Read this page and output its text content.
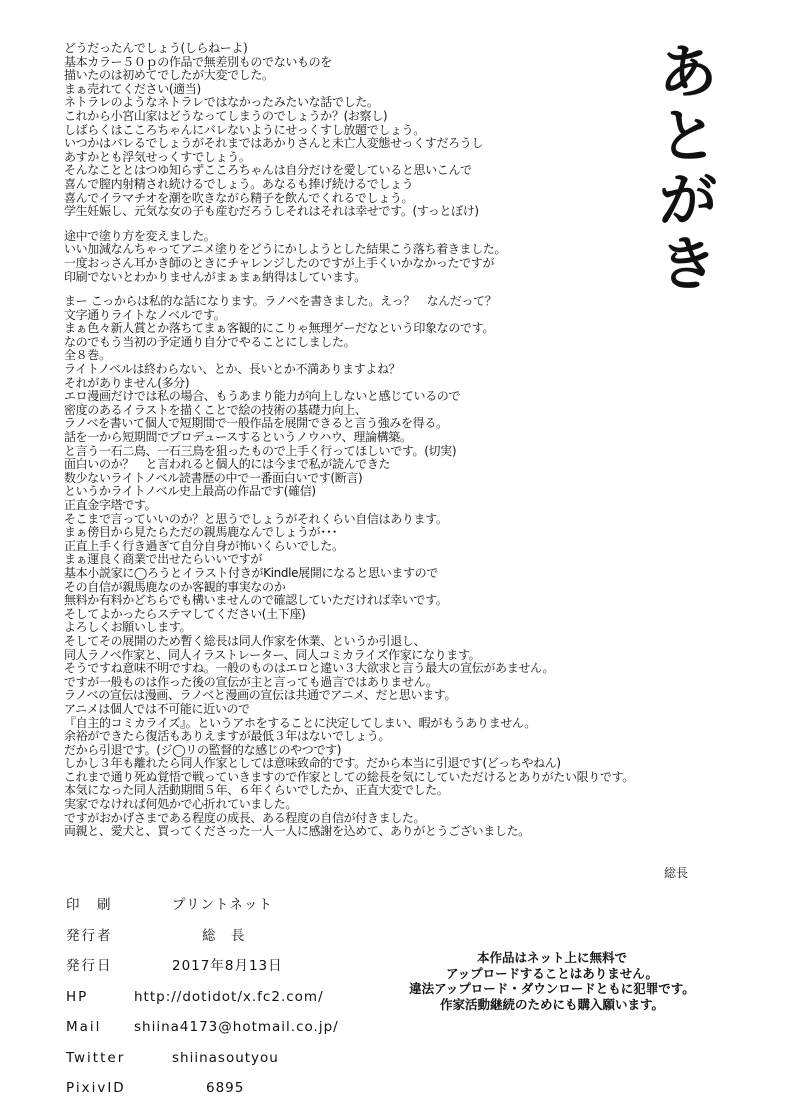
あ
と
が
き
どうだったんでしょう(しらねーよ)
基本カラー５０ｐの作品で無差別ものでないものを
描いたのは初めてでしたが大変でした。
まぁ売れてください(適当)
ネトラレのようなネトラレではなかったみたいな話でした。
これから小宮山家はどうなってしまうのでしょうか？(お察し)
しばらくはこころちゃんにバレないようにせっくすし放題でしょう。
いつかはバレるでしょうがそれまではあかりさんと未亡人変態せっくすだろうし
あすかとも浮気せっくすでしょう。
そんなこととはつゆ知らずこころちゃんは自分だけを愛していると思いこんで
喜んで膣内射精され続けるでしょう。あなるも捧げ続けるでしょう
喜んでイラマチオを潮を吹きながら精子を飲んでくれるでしょう。
学生妊娠し、元気な女の子も産むだろうしそれはそれは幸せです。(すっとぼけ)
途中で塗り方を変えました。
いい加減なんちゃってアニメ塗りをどうにかしようとした結果こう落ち着きました。
一度おっさん耳かき師のときにチャレンジしたのですが上手くいかなかったですが
印刷でないとわかりませんがまぁまぁ納得はしています。
まー こっからは私的な話になります。ラノベを書きました。えっ？　なんだって？
文字通りライトなノベルです。
まぁ色々新人賞とか落ちてまぁ客観的にこりゃ無理ゲーだなという印象なのです。
なのでもう当初の予定通り自分でやることにしました。
全８巻。
ライトノベルは終わらない、とか、長いとか不満ありますよね？
それがありません(多分)
エロ漫画だけでは私の場合、もうあまり能力が向上しないと感じているので
密度のあるイラストを描くことで絵の技術の基礎力向上、
ラノベを書いて個人で短期間で一般作品を展開できると言う強みを得る。
話を一から短期間でプロデュースするというノウハウ、理論構築。
と言う一石二鳥、一石三鳥を狙ったもので上手く行ってほしいです。(切実)
面白いのか？　と言われると個人的には今まで私が読んできた
数少ないライトノベル読書歴の中で一番面白いです(断言)
というかライトノベル史上最高の作品です(確信)
正直金字塔です。
そこまで言っていいのか？と思うでしょうがそれくらい自信はあります。
まぁ傍目から見たらただの親馬鹿なんでしょうが･･･
正直上手く行き過ぎて自分自身が怖いくらいでした。
まぁ運良く商業で出せたらいいですが
基本小説家に◯ろうとイラスト付きがKindle展開になると思いますので
その自信が親馬鹿なのか客観的事実なのか
無料か有料かどちらでも構いませんので確認していただければ幸いです。
そしてよかったらステマしてください(土下座)
よろしくお願いします。
そしてその展開のため暫く総長は同人作家を休業、というか引退し、
同人ラノベ作家と、同人イラストレーター、同人コミカライズ作家になります。
そうですね意味不明ですね。一般のものはエロと違い３大欲求と言う最大の宣伝があません。
ですが一般ものは作った後の宣伝が主と言っても過言ではありません。
ラノベの宣伝は漫画、ラノベと漫画の宣伝は共通でアニメ、だと思います。
アニメは個人では不可能に近いので
『自主的コミカライズ』。というアホをすることに決定してしまい、暇がもうありません。
余裕ができたら復活もありえますが最低３年はないでしょう。
だから引退です。(ジ◯リの監督的な感じのやつです)
しかし３年も離れたら同人作家としては意味致命的です。だから本当に引退です(どっちやねん)
これまで通り死ぬ覚悟で戦っていきますので作家としての総長を気にしていただけるとありがたい限りです。
本気になった同人活動期間５年、６年くらいでしたか、正直大変でした。
実家でなければ何処かで心折れていました。
ですがおかげさまである程度の成長、ある程度の自信が付きました。
両親と、愛犬と、買ってくださった一人一人に感謝を込めて、ありがとうございました。
総長
印　刷	プリントネット
発行者	総　長
発行日	2017年8月13日
HP	http://dotidot/x.fc2.com/
Mail shiina4173@hotmail.co.jp/
Twitter	shiinasoutyou
PixivID	6895
本作品はネット上に無料で
アップロードすることはありません。
違法アップロード・ダウンロードともに犯罪です。
作家活動継続のためにも購入願います。
